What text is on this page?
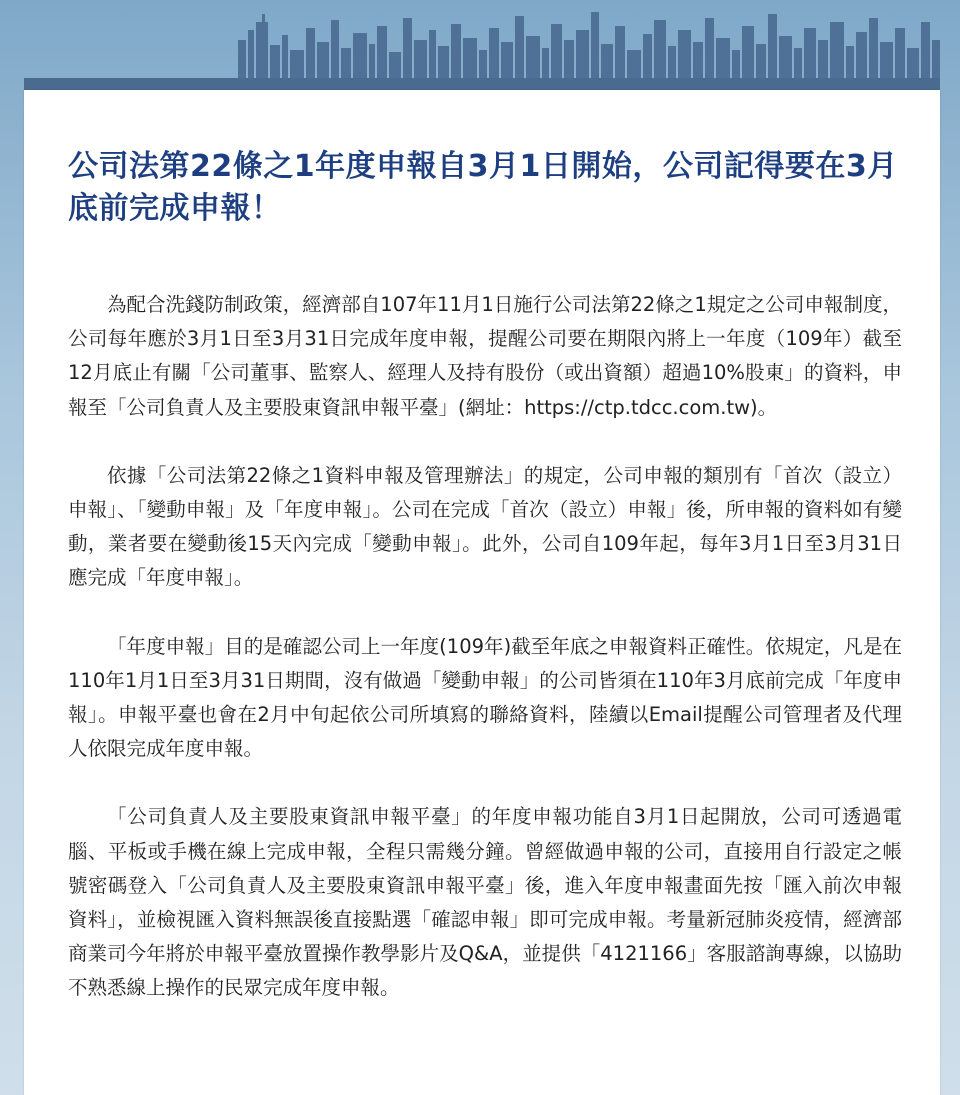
公司法第22條之1年度申報自3月1日開始，公司記得要在3月底前完成申報！

為配合洗錢防制政策，經濟部自107年11月1日施行公司法第22條之1規定之公司申報制度，公司每年應於3月1日至3月31日完成年度申報，提醒公司要在期限內將上一年度（109年）截至12月底止有關「公司董事、監察人、經理人及持有股份（或出資額）超過10%股東」的資料，申報至「公司負責人及主要股東資訊申報平臺」(網址：https://ctp.tdcc.com.tw)。

依據「公司法第22條之1資料申報及管理辦法」的規定，公司申報的類別有「首次（設立）申報」、「變動申報」及「年度申報」。公司在完成「首次（設立）申報」後，所申報的資料如有變動，業者要在變動後15天內完成「變動申報」。此外，公司自109年起，每年3月1日至3月31日應完成「年度申報」。

「年度申報」目的是確認公司上一年度(109年)截至年底之申報資料正確性。依規定，凡是在110年1月1日至3月31日期間，沒有做過「變動申報」的公司皆須在110年3月底前完成「年度申報」。申報平臺也會在2月中旬起依公司所填寫的聯絡資料，陸續以Email提醒公司管理者及代理人依限完成年度申報。

「公司負責人及主要股東資訊申報平臺」的年度申報功能自3月1日起開放，公司可透過電腦、平板或手機在線上完成申報，全程只需幾分鐘。曾經做過申報的公司，直接用自行設定之帳號密碼登入「公司負責人及主要股東資訊申報平臺」後，進入年度申報畫面先按「匯入前次申報資料」，並檢視匯入資料無誤後直接點選「確認申報」即可完成申報。考量新冠肺炎疫情，經濟部商業司今年將於申報平臺放置操作教學影片及Q&A，並提供「4121166」客服諮詢專線，以協助不熟悉線上操作的民眾完成年度申報。
